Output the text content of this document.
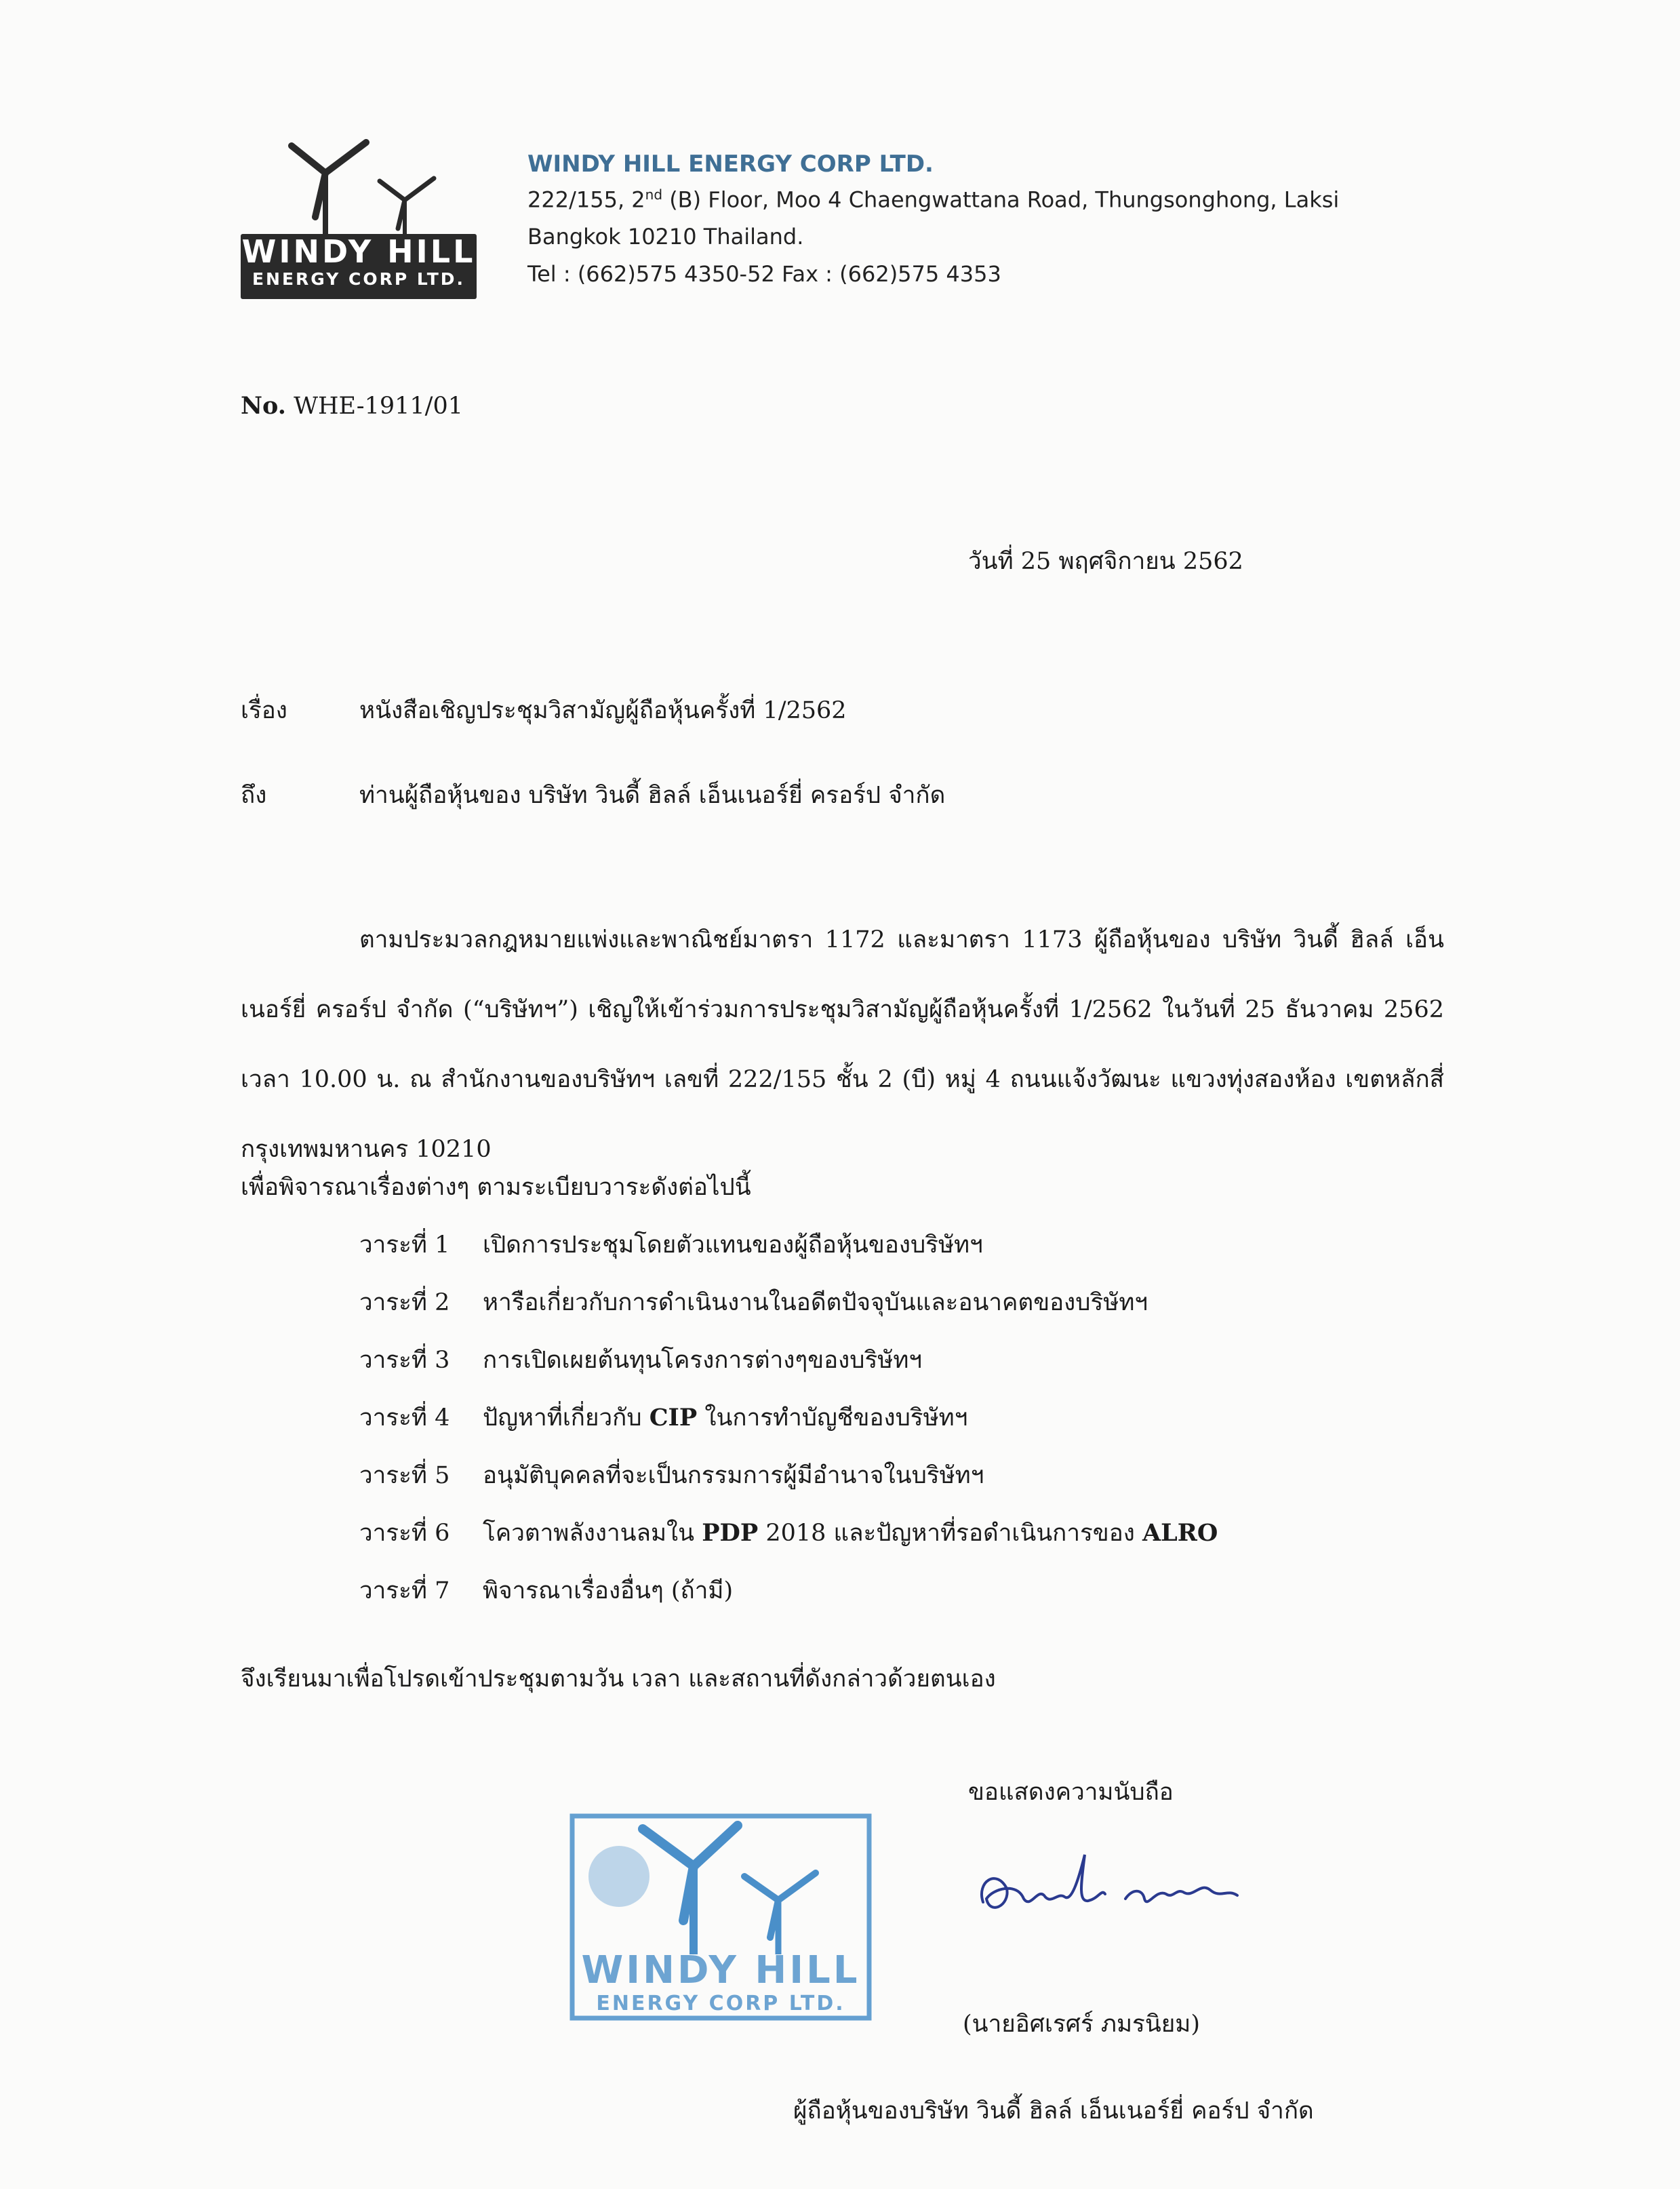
WINDY HILL
ENERGY CORP LTD.
WINDY HILL ENERGY CORP LTD.
222/155, 2nd (B) Floor, Moo 4 Chaengwattana Road, Thungsonghong, Laksi
Bangkok 10210 Thailand.
Tel : (662)575 4350-52 Fax : (662)575 4353
No. WHE-1911/01
วันที่ 25 พฤศจิกายน 2562
เรื่อง	หนังสือเชิญประชุมวิสามัญผู้ถือหุ้นครั้งที่ 1/2562
ถึง	ท่านผู้ถือหุ้นของ บริษัท วินดี้ ฮิลล์ เอ็นเนอร์ยี่ ครอร์ป จำกัด
ตามประมวลกฎหมายแพ่งและพาณิชย์มาตรา 1172 และมาตรา 1173 ผู้ถือหุ้นของ บริษัท วินดี้ ฮิลล์ เอ็นเนอร์ยี่ ครอร์ป จำกัด (“บริษัทฯ”) เชิญให้เข้าร่วมการประชุมวิสามัญผู้ถือหุ้นครั้งที่ 1/2562 ในวันที่ 25 ธันวาคม 2562 เวลา 10.00 น. ณ สำนักงานของบริษัทฯ เลขที่ 222/155 ชั้น 2 (บี) หมู่ 4 ถนนแจ้งวัฒนะ แขวงทุ่งสองห้อง เขตหลักสี่ กรุงเทพมหานคร 10210
เพื่อพิจารณาเรื่องต่างๆ ตามระเบียบวาระดังต่อไปนี้
วาระที่ 1 เปิดการประชุมโดยตัวแทนของผู้ถือหุ้นของบริษัทฯ
วาระที่ 2 หารือเกี่ยวกับการดำเนินงานในอดีตปัจจุบันและอนาคตของบริษัทฯ
วาระที่ 3 การเปิดเผยต้นทุนโครงการต่างๆของบริษัทฯ
วาระที่ 4 ปัญหาที่เกี่ยวกับ CIP ในการทำบัญชีของบริษัทฯ
วาระที่ 5 อนุมัติบุคคลที่จะเป็นกรรมการผู้มีอำนาจในบริษัทฯ
วาระที่ 6 โควตาพลังงานลมใน PDP 2018 และปัญหาที่รอดำเนินการของ ALRO
วาระที่ 7 พิจารณาเรื่องอื่นๆ (ถ้ามี)
จึงเรียนมาเพื่อโปรดเข้าประชุมตามวัน เวลา และสถานที่ดังกล่าวด้วยตนเอง
ขอแสดงความนับถือ
WINDY HILL
ENERGY CORP LTD.
(นายอิศเรศร์ ภมรนิยม)
ผู้ถือหุ้นของบริษัท วินดี้ ฮิลล์ เอ็นเนอร์ยี่ คอร์ป จำกัด
